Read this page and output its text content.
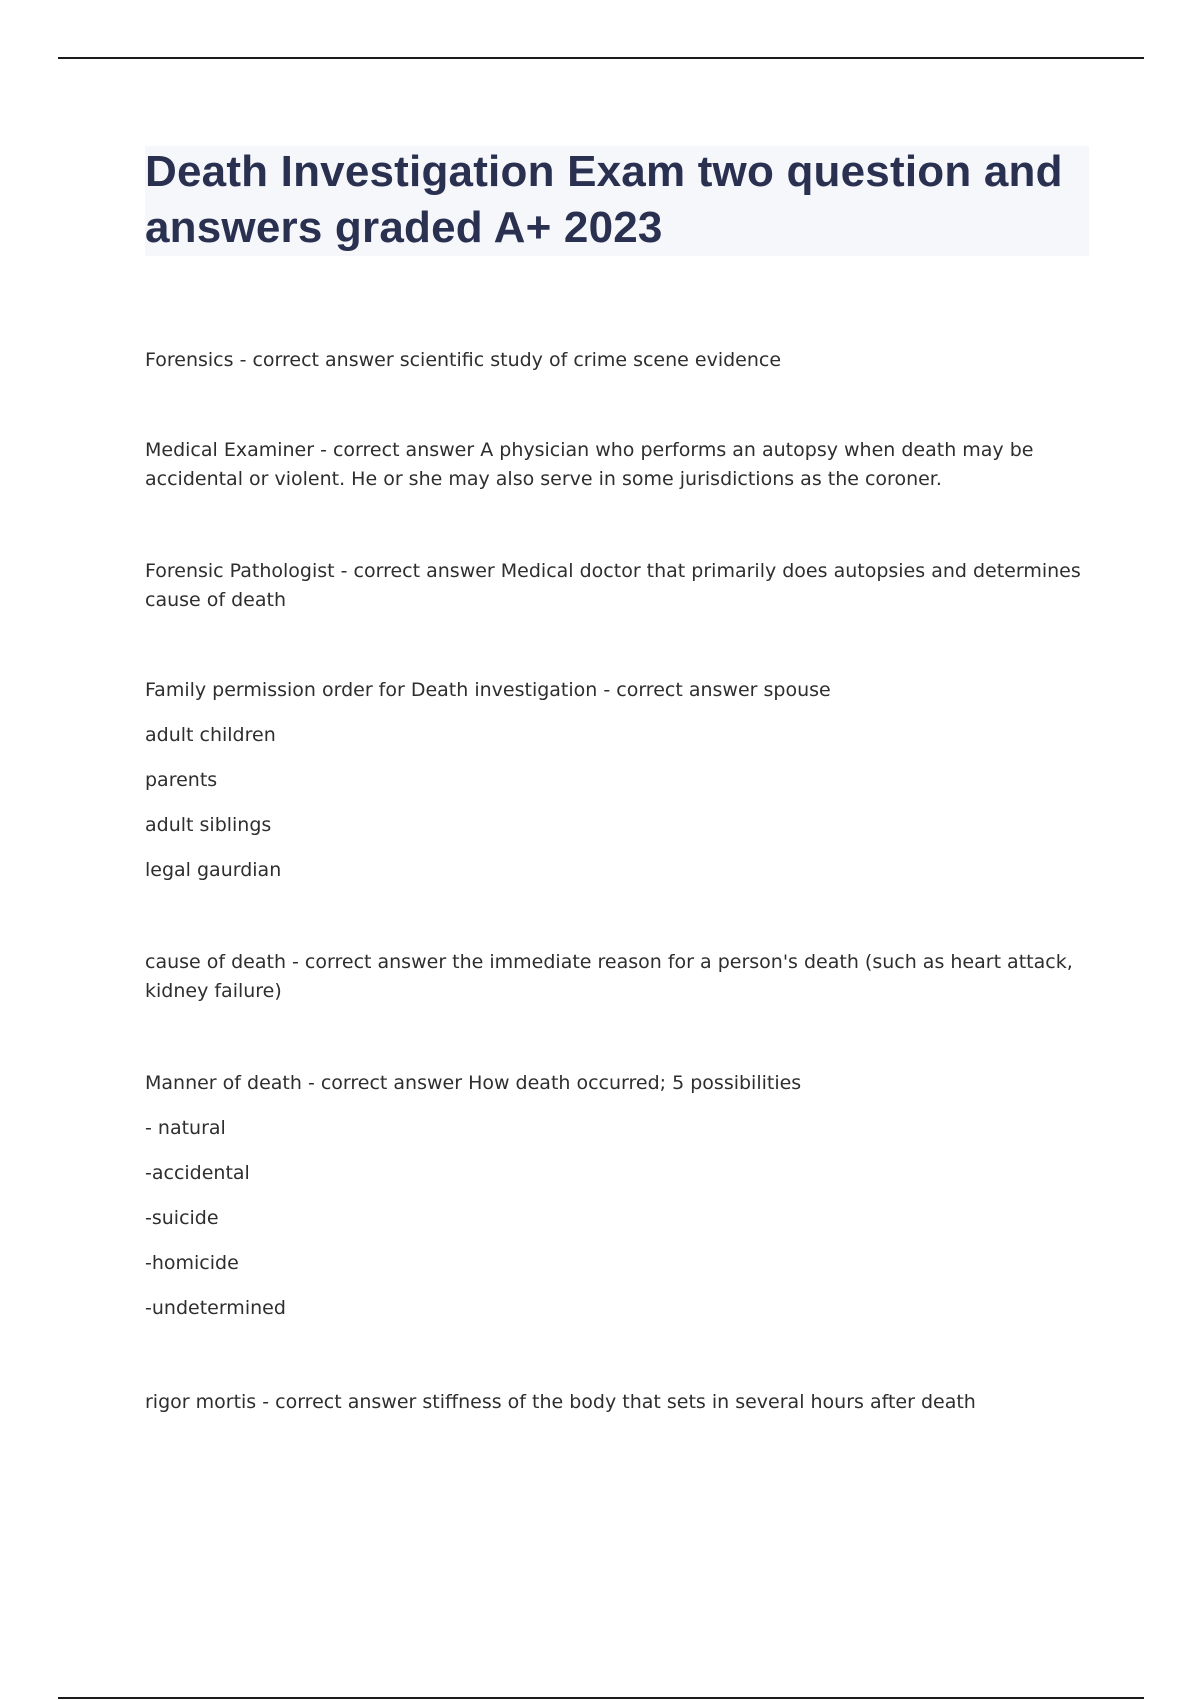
Death Investigation Exam two question and answers graded A+ 2023

Forensics - correct answer scientific study of crime scene evidence

Medical Examiner - correct answer A physician who performs an autopsy when death may be accidental or violent. He or she may also serve in some jurisdictions as the coroner.

Forensic Pathologist - correct answer Medical doctor that primarily does autopsies and determines cause of death

Family permission order for Death investigation - correct answer spouse

adult children

parents

adult siblings

legal gaurdian

cause of death - correct answer the immediate reason for a person's death (such as heart attack, kidney failure)

Manner of death - correct answer How death occurred; 5 possibilities

- natural

-accidental

-suicide

-homicide

-undetermined

rigor mortis - correct answer stiffness of the body that sets in several hours after death
